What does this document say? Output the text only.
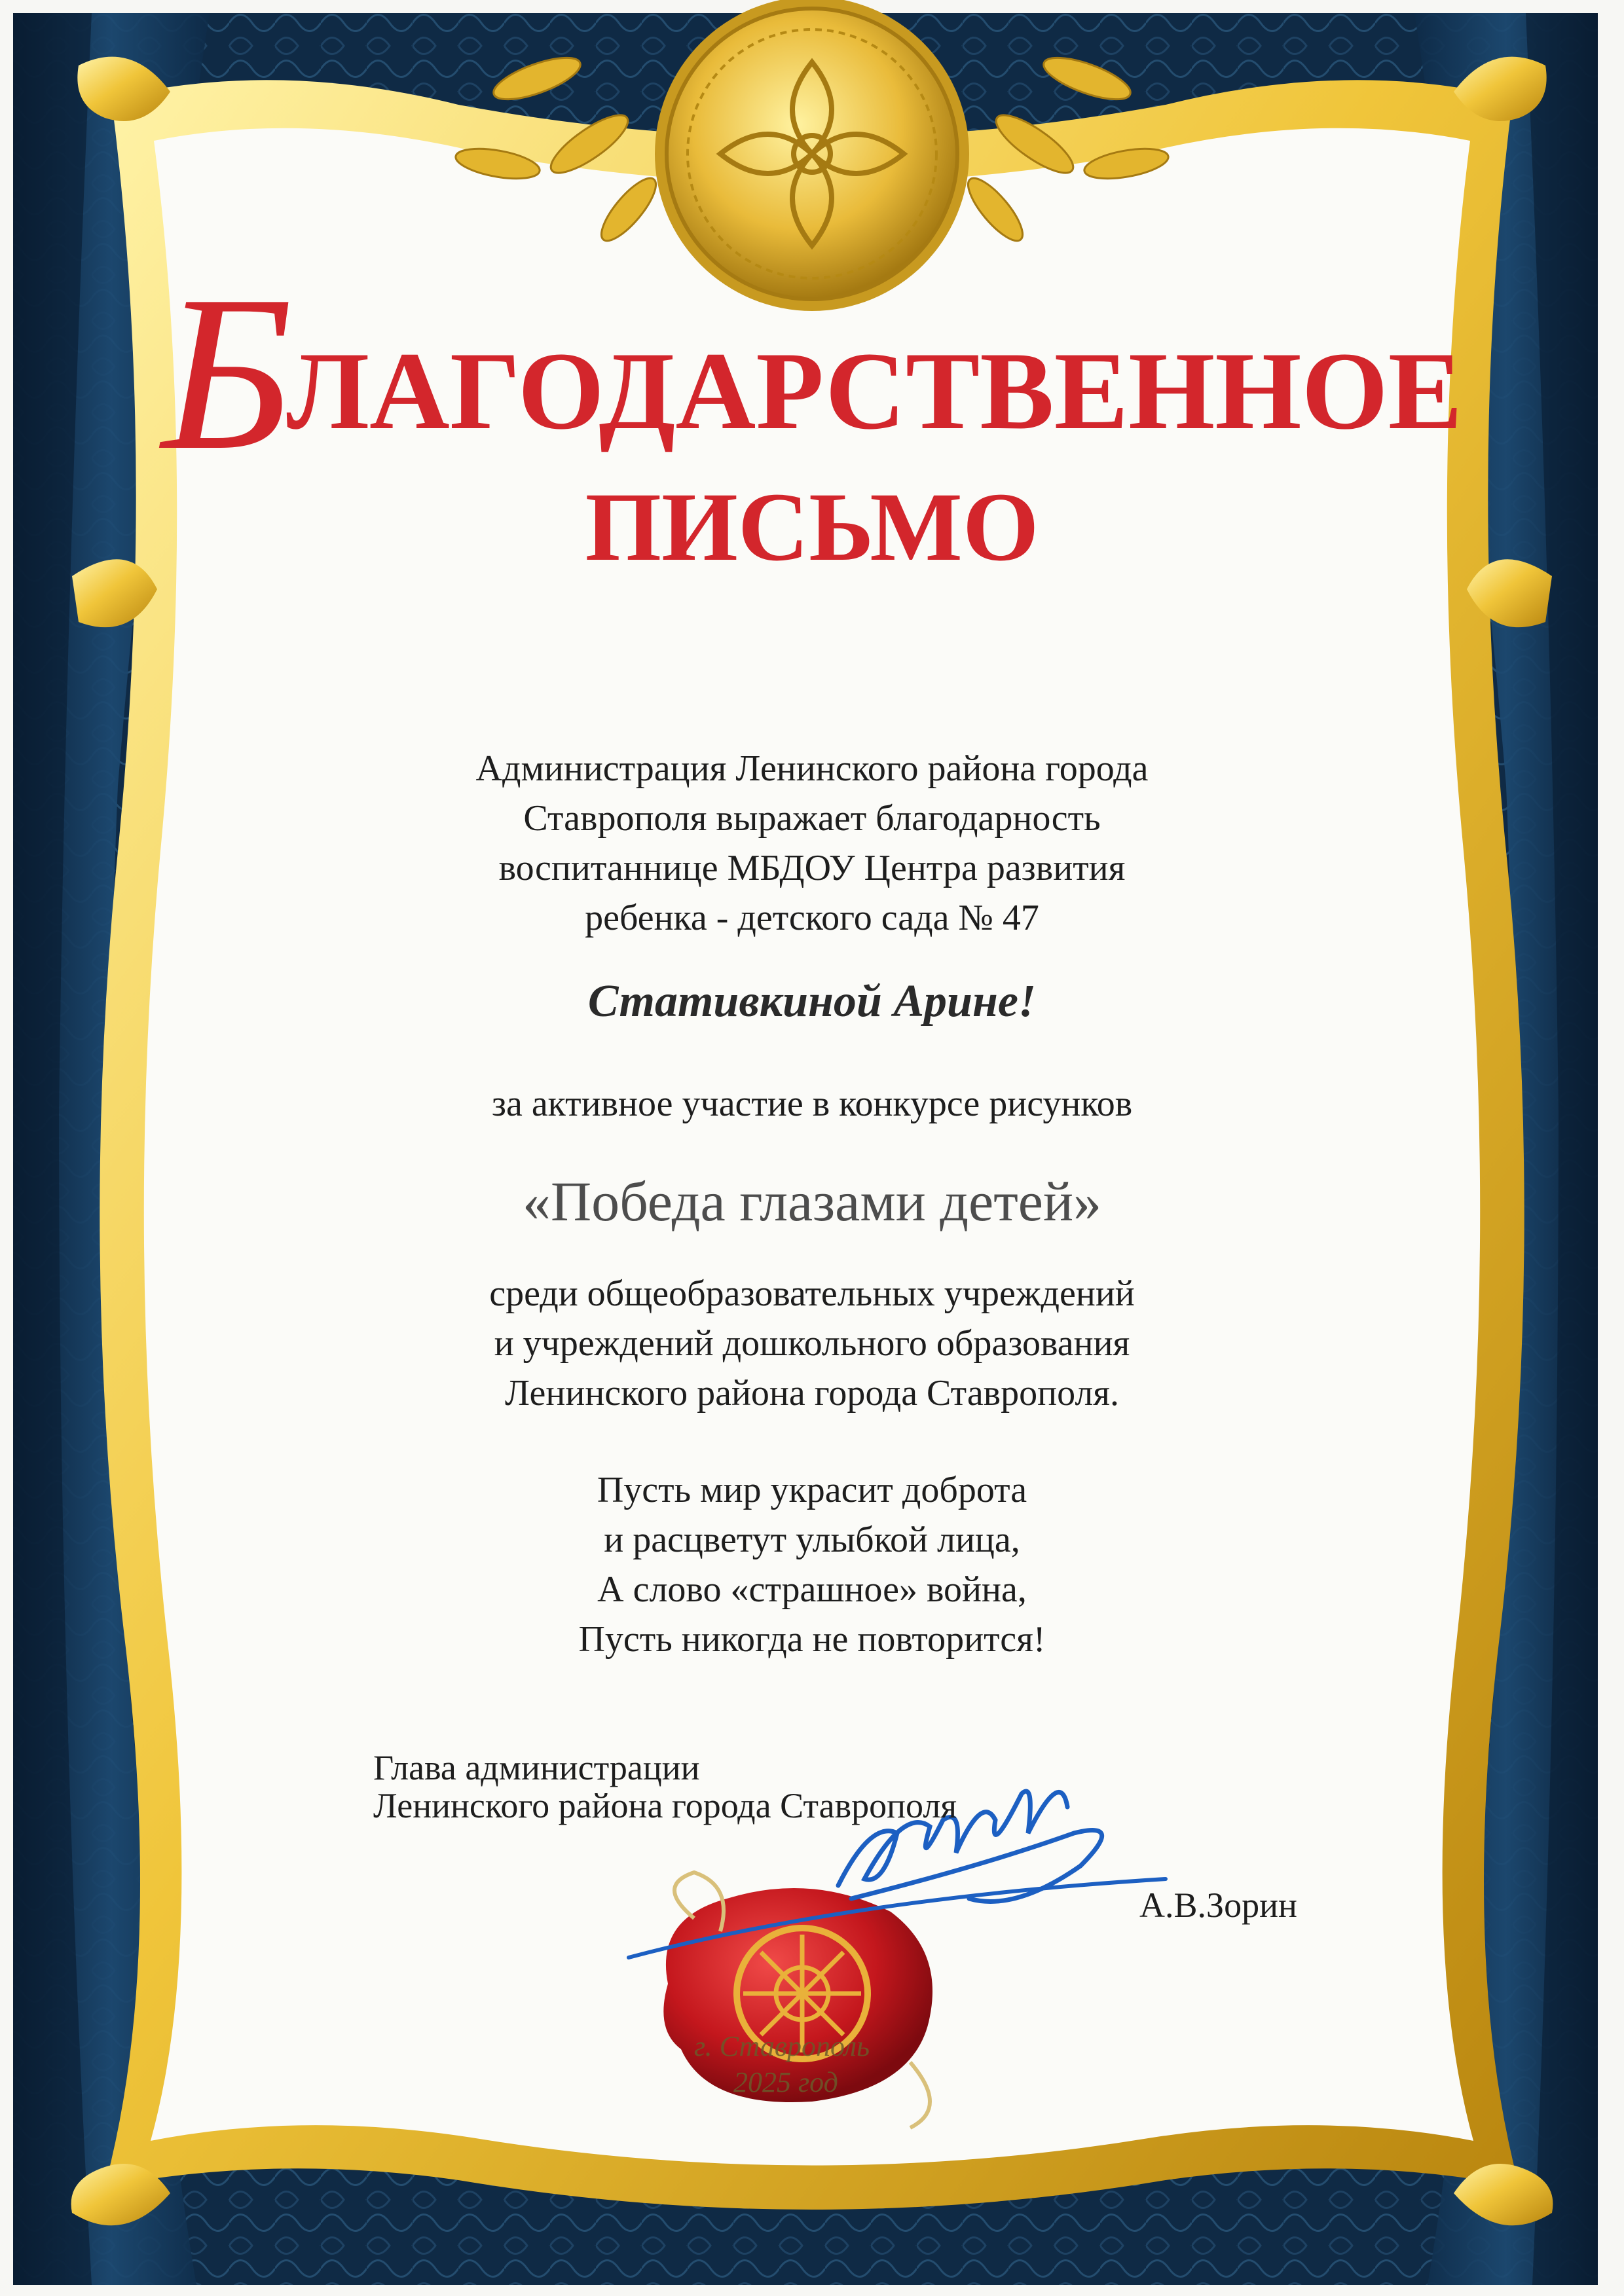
БЛАГОДАРСТВЕННОЕ
ПИСЬМО
Администрация Ленинского района города
Ставрополя выражает благодарность
воспитаннице МБДОУ Центра развития
ребенка - детского сада № 47
Стативкиной Арине!
за активное участие в конкурсе рисунков
«Победа глазами детей»
среди общеобразовательных учреждений
и учреждений дошкольного образования
Ленинского района города Ставрополя.
Пусть мир украсит доброта
и расцветут улыбкой лица,
А слово «страшное» война,
Пусть никогда не повторится!
Глава администрации
Ленинского района города Ставрополя
А.В.Зорин
г. Ставрополь
2025 год
